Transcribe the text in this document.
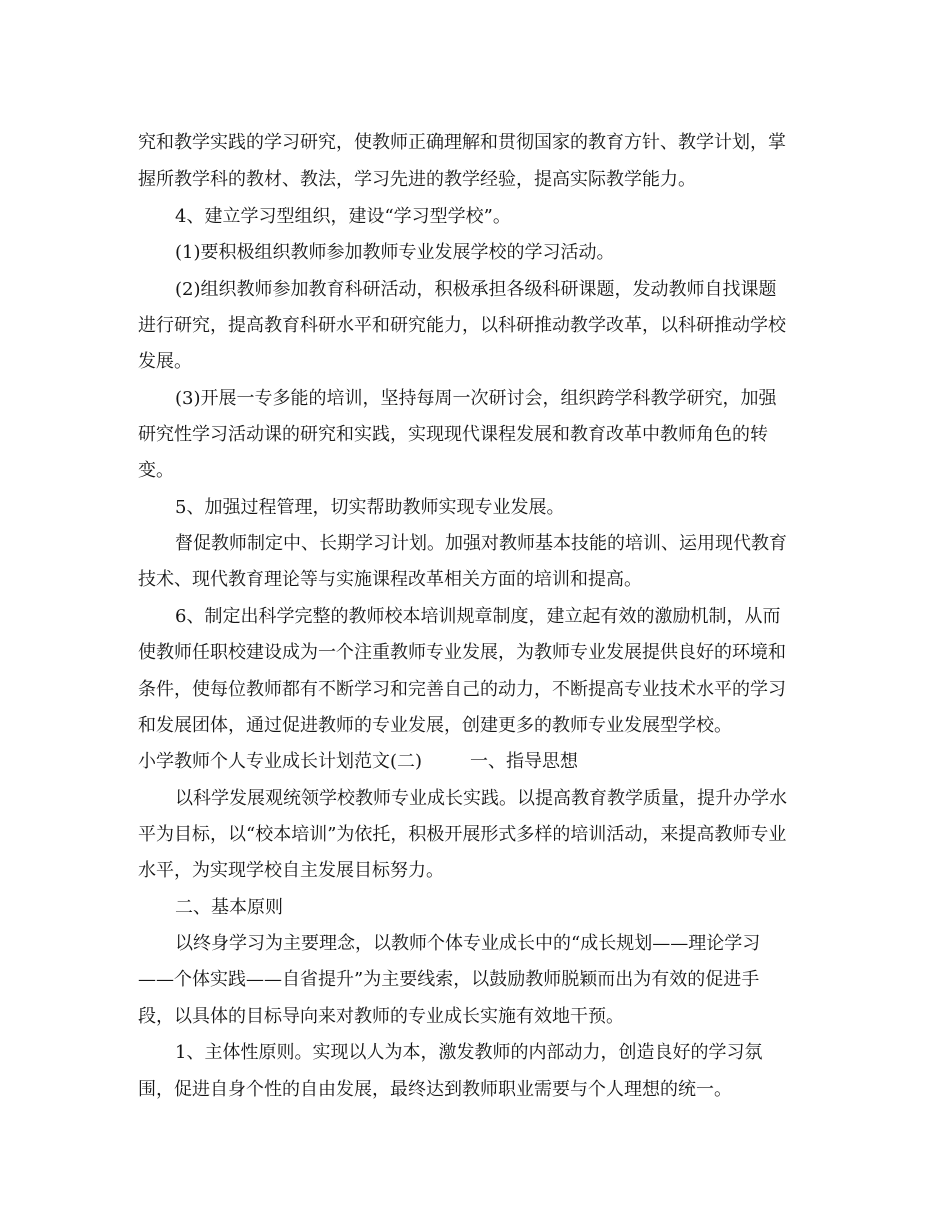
究和教学实践的学习研究，使教师正确理解和贯彻国家的教育方针、教学计划，掌

握所教学科的教材、教法，学习先进的教学经验，提高实际教学能力。

4、建立学习型组织，建设“学习型学校”。

(1)要积极组织教师参加教师专业发展学校的学习活动。

(2)组织教师参加教育科研活动，积极承担各级科研课题，发动教师自找课题

进行研究，提高教育科研水平和研究能力，以科研推动教学改革，以科研推动学校

发展。

(3)开展一专多能的培训，坚持每周一次研讨会，组织跨学科教学研究，加强

研究性学习活动课的研究和实践，实现现代课程发展和教育改革中教师角色的转

变。

5、加强过程管理，切实帮助教师实现专业发展。

督促教师制定中、长期学习计划。加强对教师基本技能的培训、运用现代教育

技术、现代教育理论等与实施课程改革相关方面的培训和提高。

6、制定出科学完整的教师校本培训规章制度，建立起有效的激励机制，从而

使教师任职校建设成为一个注重教师专业发展，为教师专业发展提供良好的环境和

条件，使每位教师都有不断学习和完善自己的动力，不断提高专业技术水平的学习

和发展团体，通过促进教师的专业发展，创建更多的教师专业发展型学校。

小学教师个人专业成长计划范文(二)	一、指导思想

以科学发展观统领学校教师专业成长实践。以提高教育教学质量，提升办学水

平为目标，以“校本培训”为依托，积极开展形式多样的培训活动，来提高教师专业

水平，为实现学校自主发展目标努力。

二、基本原则

以终身学习为主要理念，以教师个体专业成长中的“成长规划——理论学习

——个体实践——自省提升”为主要线索，以鼓励教师脱颖而出为有效的促进手

段，以具体的目标导向来对教师的专业成长实施有效地干预。

1、主体性原则。实现以人为本，激发教师的内部动力，创造良好的学习氛

围，促进自身个性的自由发展，最终达到教师职业需要与个人理想的统一。
